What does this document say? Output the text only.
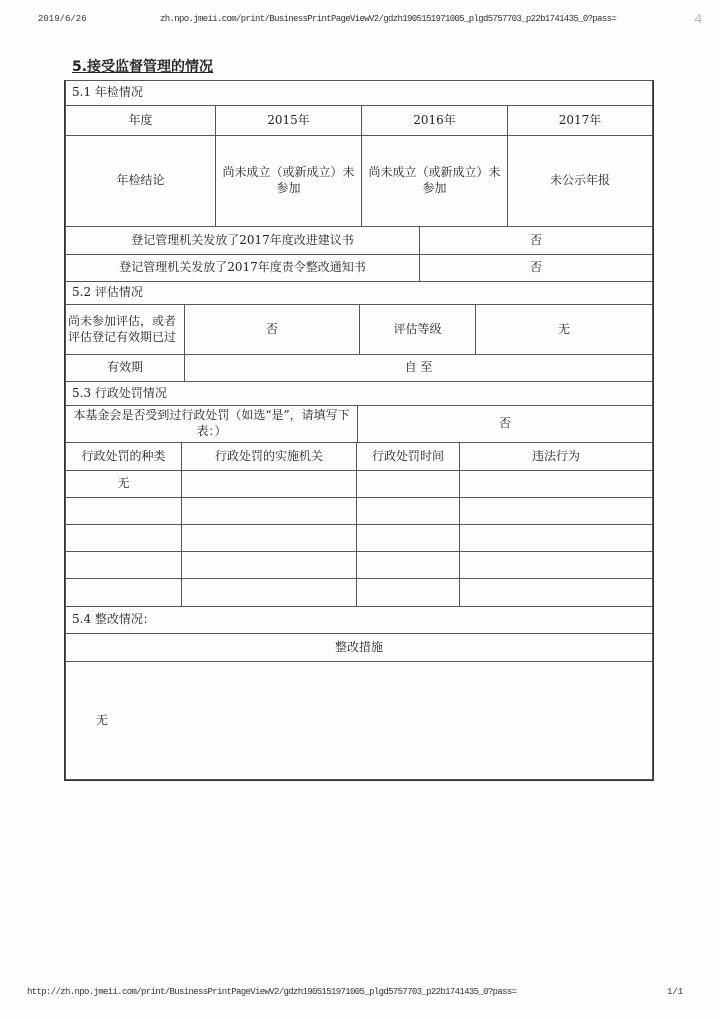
2019/6/26	zh.npo.jmeii.com/print/BusinessPrintPageViewV2/gdzh1905151971005_plgd5757703_p22b1741435_0?pass=	4
5.接受监督管理的情况
5.1 年检情况			
年度	2015年	2016年	2017年
年检结论	尚未成立（或新成立）未参加	尚未成立（或新成立）未参加	未公示年报
登记管理机关发放了2017年度改进建议书	否
登记管理机关发放了2017年度责令整改通知书	否
5.2 评估情况	
尚未参加评估，或者评估登记有效期已过	否	评估等级	无
有效期	自 至		
5.3 行政处罚情况			
本基金会是否受到过行政处罚（如选“是”，请填写下表：）	否
行政处罚的种类	行政处罚的实施机关	行政处罚时间	违法行为
无			

5.4 整改情况：
整改措施
无
http://zh.npo.jmeii.com/print/BusinessPrintPageViewV2/gdzh1905151971005_plgd5757703_p22b1741435_0?pass=	1/1
